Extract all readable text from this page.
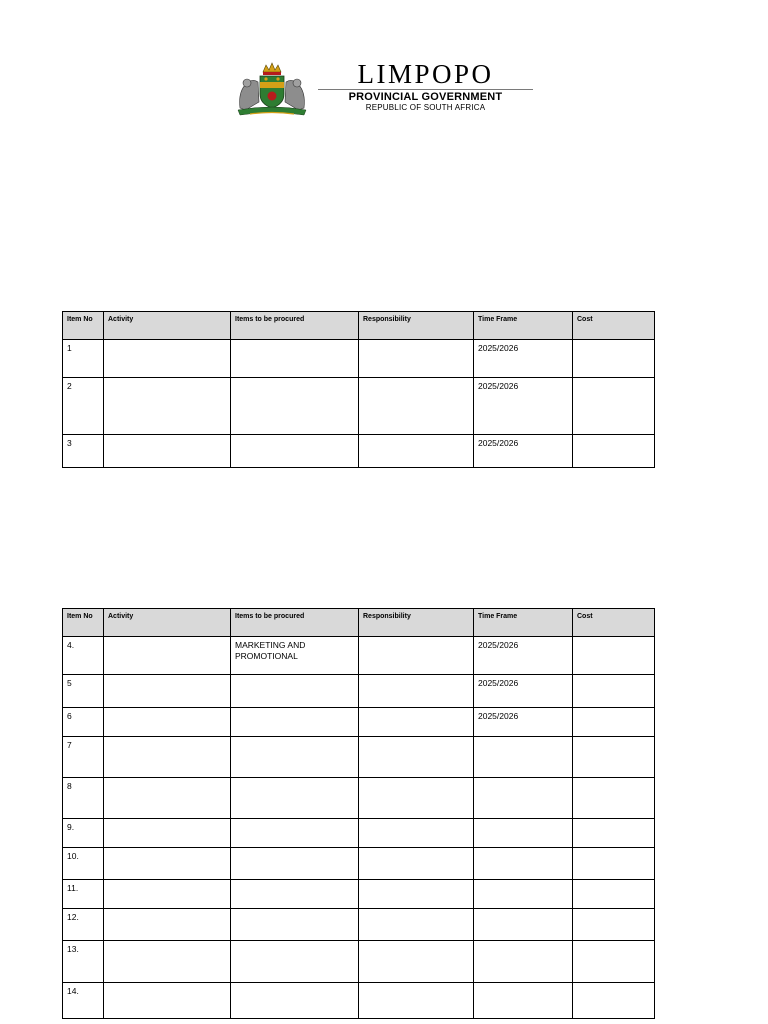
LIMPOPO
PROVINCIAL GOVERNMENT
REPUBLIC OF SOUTH AFRICA
Item No	Activity	Items to be procured	Responsibility	Time Frame	Cost
1				2025/2026	
2				2025/2026	
3				2025/2026	
Item No	Activity	Items to be procured	Responsibility	Time Frame	Cost
4.		MARKETING AND PROMOTIONAL		2025/2026	
5				2025/2026	
6				2025/2026	
7					
8					
9.					
10.					
11.					
12.					
13.					
14.					
